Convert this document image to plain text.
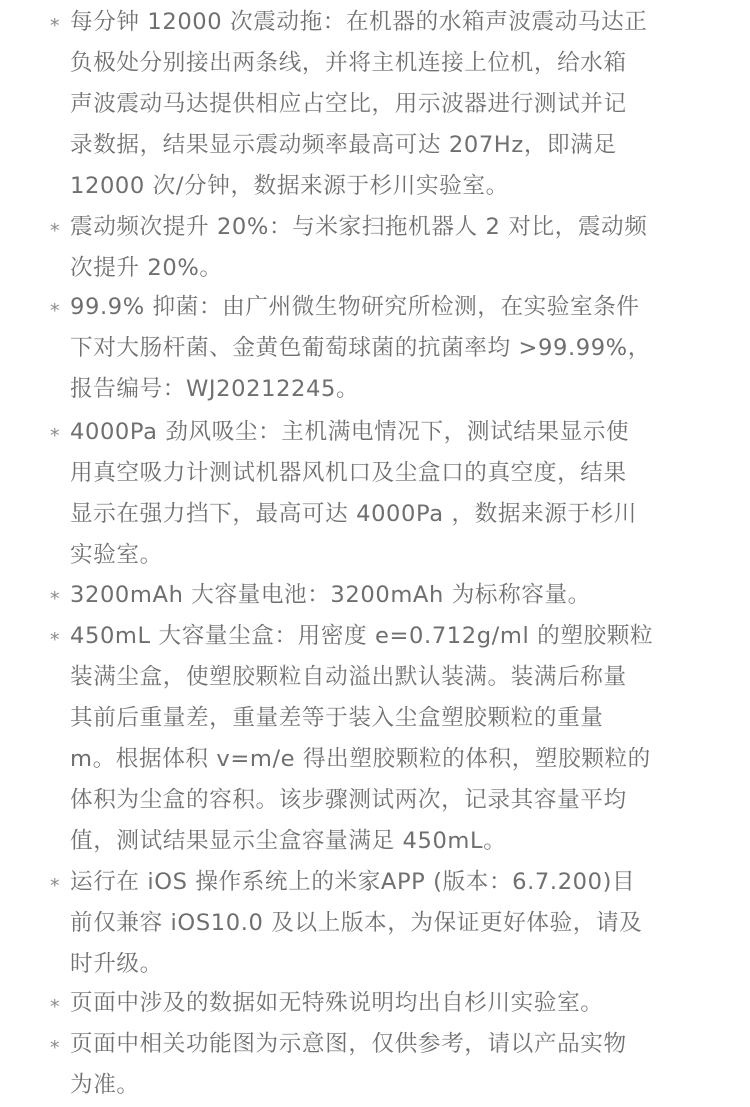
* 每分钟 12000 次震动拖：在机器的水箱声波震动马达正
负极处分别接出两条线，并将主机连接上位机，给水箱
声波震动马达提供相应占空比，用示波器进行测试并记
录数据，结果显示震动频率最高可达 207Hz，即满足
12000 次/分钟，数据来源于杉川实验室。
* 震动频次提升 20%：与米家扫拖机器人 2 对比，震动频
次提升 20%。
* 99.9% 抑菌：由广州微生物研究所检测，在实验室条件
下对大肠杆菌、金黄色葡萄球菌的抗菌率均 >99.99%，
报告编号：WJ20212245。
* 4000Pa 劲风吸尘：主机满电情况下，测试结果显示使
用真空吸力计测试机器风机口及尘盒口的真空度，结果
显示在强力挡下，最高可达 4000Pa ，数据来源于杉川
实验室。
* 3200mAh 大容量电池：3200mAh 为标称容量。
* 450mL 大容量尘盒：用密度 e=0.712g/ml 的塑胶颗粒
装满尘盒，使塑胶颗粒自动溢出默认装满。装满后称量
其前后重量差，重量差等于装入尘盒塑胶颗粒的重量
m。根据体积 v=m/e 得出塑胶颗粒的体积，塑胶颗粒的
体积为尘盒的容积。该步骤测试两次，记录其容量平均
值，测试结果显示尘盒容量满足 450mL。
* 运行在 iOS 操作系统上的米家APP (版本：6.7.200)目
前仅兼容 iOS10.0 及以上版本，为保证更好体验，请及
时升级。
* 页面中涉及的数据如无特殊说明均出自杉川实验室。
* 页面中相关功能图为示意图，仅供参考，请以产品实物
为准。
